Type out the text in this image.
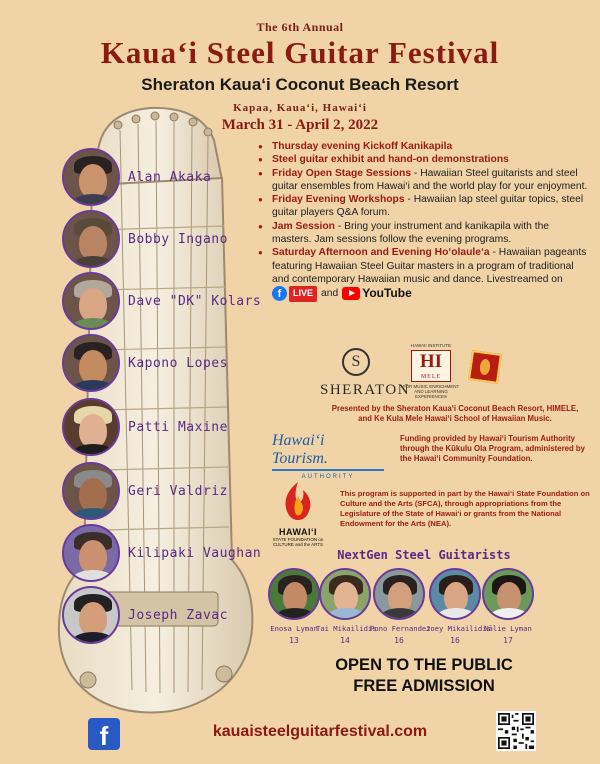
The 6th Annual
Kaua‘i Steel Guitar Festival
Sheraton Kaua‘i Coconut Beach Resort
Kapaa, Kaua‘i, Hawai‘i
March 31 - April 2, 2022
Alan Akaka
Bobby Ingano
Dave "DK" Kolars
Kapono Lopes
Patti Maxine
Geri Valdriz
Kilipaki Vaughan
Joseph Zavac
● Thursday evening Kickoff Kanikapila
● Steel guitar exhibit and hand-on demonstrations
● Friday Open Stage Sessions - Hawaiian Steel guitarists and steel guitar ensembles from Hawai‘i and the world play for your enjoyment.
● Friday Evening Workshops - Hawaiian lap steel guitar topics, steel guitar players Q&A forum.
● Jam Session - Bring your instrument and kanikapila with the masters. Jam sessions follow the evening programs.
● Saturday Afternoon and Evening Ho‘olaule‘a - Hawaiian pageants featuring Hawaiian Steel Guitar masters in a program of traditional and contemporary Hawaiian music and dance. Livestreamed on
f	LIVE and YouTube
S
SHERATON
HAWAII INSTITUTE
MELE
HI
FOR MUSIC ENRICHMENT AND LEARNING EXPERIENCES
Presented by the Sheraton Kaua‘i Coconut Beach Resort, HIMELE, and Ke Kula Mele Hawai‘i School of Hawaiian Music.
Hawai‘i Tourism.
AUTHORITY
Funding provided by Hawai‘i Tourism Authority through the Kūkulu Ola Program, administered by the Hawai‘i Community Foundation.
HAWAI‘I
STATE FOUNDATION on CULTURE and the ARTS
This program is supported in part by the Hawai‘i State Foundation on Culture and the Arts (SFCA), through appropriations from the Legislature of the State of Hawai‘i or grants from the National Endowment for the Arts (NEA).
NextGen Steel Guitarists
Enosa Lyman
13
Tai Mikailidis
14
Pono Fernandez
16
Joey Mikailidis
16
Nālie Lyman
17
OPEN TO THE PUBLIC
FREE ADMISSION
f	kauaisteelguitarfestival.com
